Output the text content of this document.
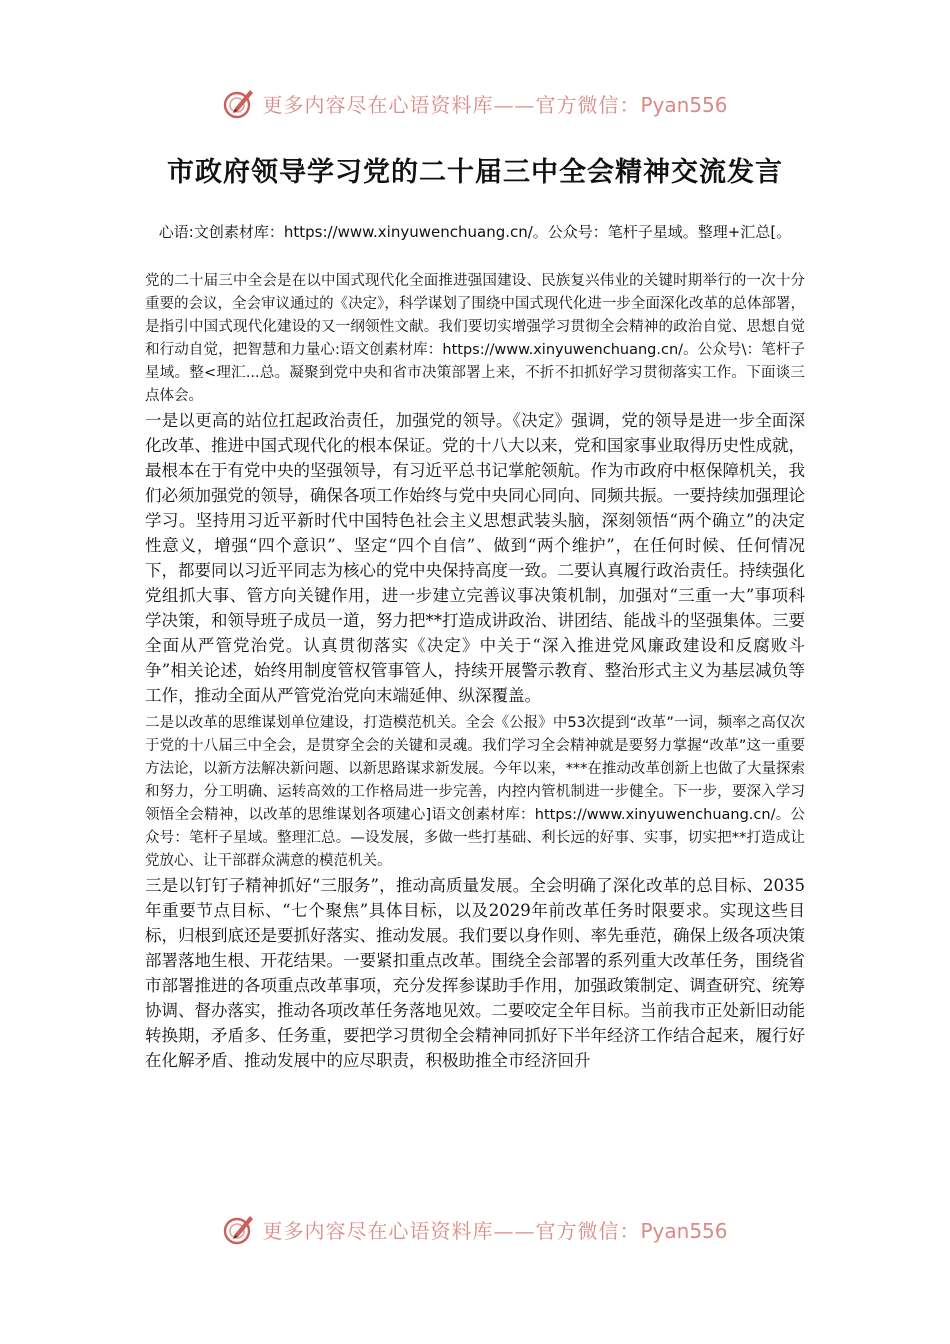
更多内容尽在心语资料库——官方微信：Pyan556
市政府领导学习党的二十届三中全会精神交流发言
心语:文创素材库：https://www.xinyuwenchuang.cn/。公众号：笔杆子星域。整理+汇总[。

党的二十届三中全会是在以中国式现代化全面推进强国建设、民族复兴伟业的关键时期举行的一次十分重要的会议，全会审议通过的《决定》，科学谋划了围绕中国式现代化进一步全面深化改革的总体部署，是指引中国式现代化建设的又一纲领性文献。我们要切实增强学习贯彻全会精神的政治自觉、思想自觉和行动自觉，把智慧和力量心:语文创素材库：https://www.xinyuwenchuang.cn/。公众号\：笔杆子星域。整<理汇...总。凝聚到党中央和省市决策部署上来，不折不扣抓好学习贯彻落实工作。下面谈三点体会。

一是以更高的站位扛起政治责任，加强党的领导。《决定》强调，党的领导是进一步全面深化改革、推进中国式现代化的根本保证。党的十八大以来，党和国家事业取得历史性成就，最根本在于有党中央的坚强领导，有习近平总书记掌舵领航。作为市政府中枢保障机关，我们必须加强党的领导，确保各项工作始终与党中央同心同向、同频共振。一要持续加强理论学习。坚持用习近平新时代中国特色社会主义思想武装头脑，深刻领悟“两个确立”的决定性意义，增强“四个意识”、坚定“四个自信”、做到“两个维护”，在任何时候、任何情况下，都要同以习近平同志为核心的党中央保持高度一致。二要认真履行政治责任。持续强化党组抓大事、管方向关键作用，进一步建立完善议事决策机制，加强对“三重一大”事项科学决策，和领导班子成员一道，努力把**打造成讲政治、讲团结、能战斗的坚强集体。三要全面从严管党治党。认真贯彻落实《决定》中关于“深入推进党风廉政建设和反腐败斗争”相关论述，始终用制度管权管事管人，持续开展警示教育、整治形式主义为基层减负等工作，推动全面从严管党治党向末端延伸、纵深覆盖。

二是以改革的思维谋划单位建设，打造模范机关。全会《公报》中53次提到“改革”一词，频率之高仅次于党的十八届三中全会，是贯穿全会的关键和灵魂。我们学习全会精神就是要努力掌握“改革”这一重要方法论，以新方法解决新问题、以新思路谋求新发展。今年以来，***在推动改革创新上也做了大量探索和努力，分工明确、运转高效的工作格局进一步完善，内控内管机制进一步健全。下一步，要深入学习领悟全会精神，以改革的思维谋划各项建心]语文创素材库：https://www.xinyuwenchuang.cn/。公众号：笔杆子星域。整理汇总。—设发展，多做一些打基础、利长远的好事、实事，切实把**打造成让党放心、让干部群众满意的模范机关。

三是以钉钉子精神抓好“三服务”，推动高质量发展。全会明确了深化改革的总目标、2035年重要节点目标、“七个聚焦”具体目标，以及2029年前改革任务时限要求。实现这些目标，归根到底还是要抓好落实、推动发展。我们要以身作则、率先垂范，确保上级各项决策部署落地生根、开花结果。一要紧扣重点改革。围绕全会部署的系列重大改革任务，围绕省市部署推进的各项重点改革事项，充分发挥参谋助手作用，加强政策制定、调查研究、统筹协调、督办落实，推动各项改革任务落地见效。二要咬定全年目标。当前我市正处新旧动能转换期，矛盾多、任务重，要把学习贯彻全会精神同抓好下半年经济工作结合起来，履行好在化解矛盾、推动发展中的应尽职责，积极助推全市经济回升

更多内容尽在心语资料库——官方微信：Pyan556
